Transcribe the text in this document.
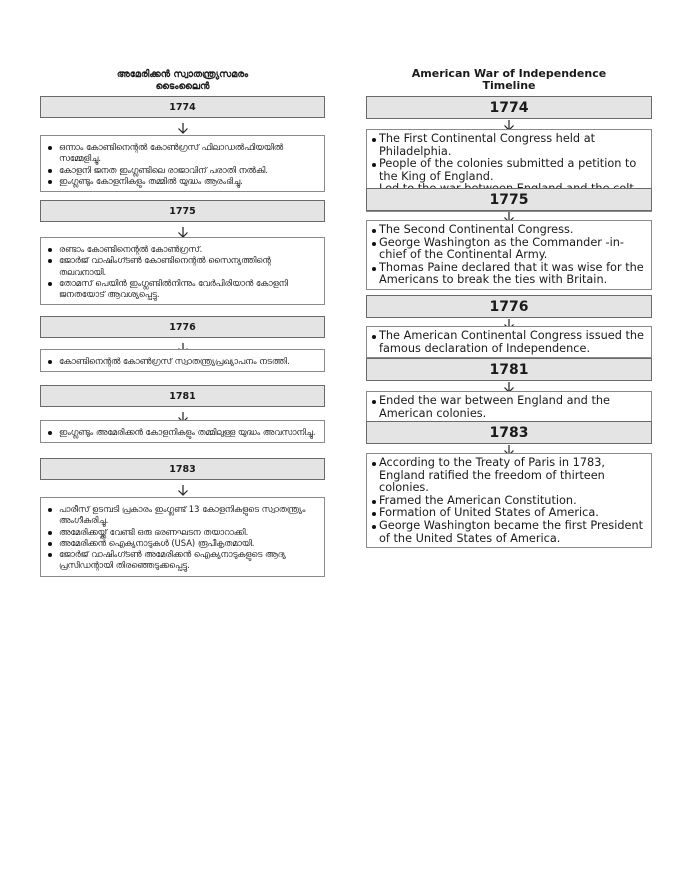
അമേരിക്കൻ സ്വാതന്ത്ര്യസമരം
ടൈംലൈൻ
1774
ഒന്നാം കോണ്ടിനെന്റൽ കോൺഗ്രസ് ഫിലാഡൽഫിയയിൽ സമ്മേളിച്ചു.
കോളനി ജനത ഇംഗ്ലണ്ടിലെ രാജാവിന് പരാതി നൽകി.
ഇംഗ്ലണ്ടും കോളനികളും തമ്മിൽ യുദ്ധം ആരംഭിച്ചു.
1775
രണ്ടാം കോണ്ടിനെന്റൽ കോൺഗ്രസ്.
ജോർജ് വാഷിംഗ്ടൺ കോണ്ടിനെന്റൽ സൈന്യത്തിന്റെ തലവനായി.
തോമസ് പെയിൻ ഇംഗ്ലണ്ടിൽനിന്നും വേർപിരിയാൻ കോളനി ജനതയോട് ആവശ്യപ്പെട്ടു.
1776
കോണ്ടിനെന്റൽ കോൺഗ്രസ് സ്വാതന്ത്ര്യപ്രഖ്യാപനം നടത്തി.
1781
ഇംഗ്ലണ്ടും അമേരിക്കൻ കോളനികളും തമ്മിലുള്ള യുദ്ധം അവസാനിച്ചു.
1783
പാരീസ് ഉടമ്പടി പ്രകാരം ഇംഗ്ലണ്ട് 13 കോളനികളുടെ സ്വാതന്ത്ര്യം അംഗീകരിച്ചു.
അമേരിക്കയ്ക്ക് വേണ്ടി ഒരു ഭരണഘടന തയാറാക്കി.
അമേരിക്കൻ ഐക്യനാടുകൾ (USA) രൂപീകൃതമായി.
ജോർജ് വാഷിംഗ്ടൺ അമേരിക്കൻ ഐക്യനാടുകളുടെ ആദ്യ പ്രസിഡന്റായി തിരഞ്ഞെടുക്കപ്പെട്ടു.
American War of Independence
Timeline
1774
The First Continental Congress held at Philadelphia.
People of the colonies submitted a petition to the King of England.
1775
The Second Continental Congress.
George Washington as the Commander -in- chief of the Continental Army.
Thomas Paine declared that it was wise for the Americans to break the ties with Britain.
1776
The American Continental Congress issued the famous declaration of Independence.
1781
Ended the war between England and the American colonies.
1783
According to the Treaty of Paris in 1783, England ratified the freedom of thirteen colonies.
Framed the American Constitution.
Formation of United States of America.
George Washington became the first President of the United States of America.
